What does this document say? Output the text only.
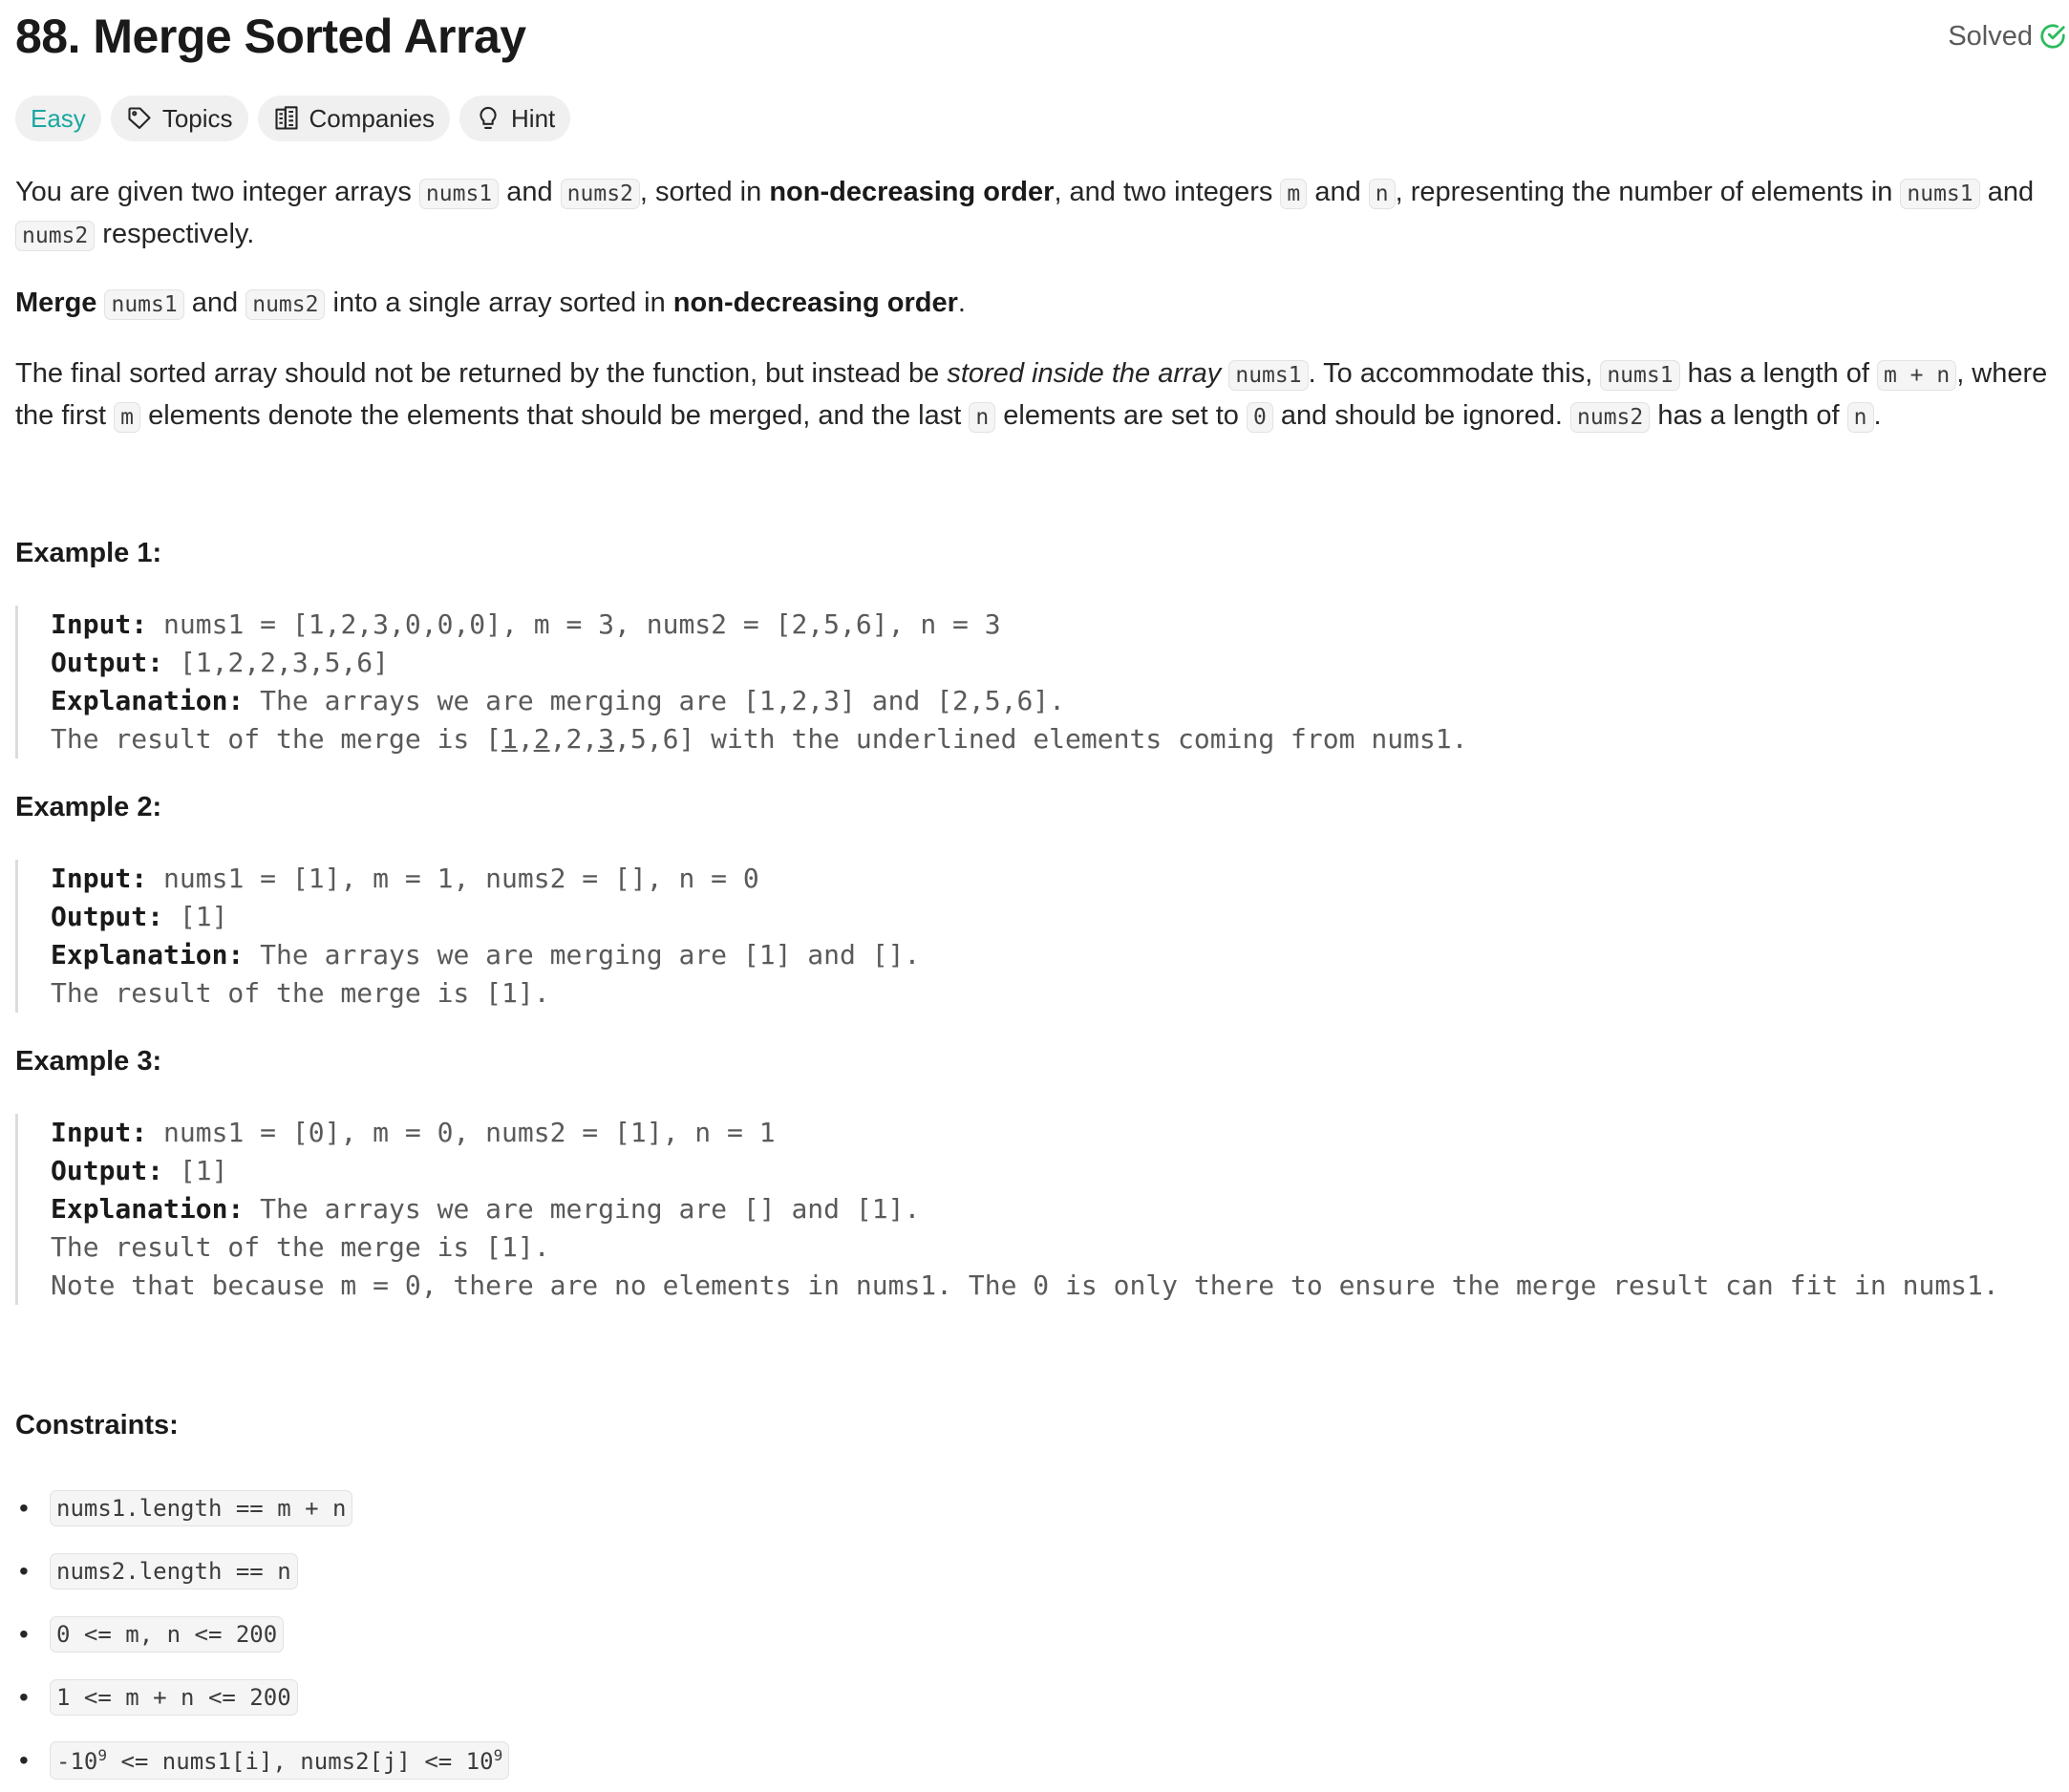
88. Merge Sorted Array	Solved
Easy	Topics	Companies	Hint
You are given two integer arrays nums1 and nums2 , sorted in non-decreasing order, and two integers m and n , representing the number of elements in nums1 and
nums2 respectively.
Merge nums1 and nums2 into a single array sorted in non-decreasing order.
The final sorted array should not be returned by the function, but instead be stored inside the array nums1 . To accommodate this, nums1 has a length of m + n , where the first m elements denote the elements that should be merged, and the last n elements are set to 0 and should be ignored. nums2 has a length of n .
Example 1:
Input: nums1 = [1,2,3,0,0,0], m = 3, nums2 = [2,5,6], n = 3
Output: [1,2,2,3,5,6]
Explanation: The arrays we are merging are [1,2,3] and [2,5,6].
The result of the merge is [1,2,2,3,5,6] with the underlined elements coming from nums1.
Example 2:
Input: nums1 = [1], m = 1, nums2 = [], n = 0
Output: [1]
Explanation: The arrays we are merging are [1] and [].
The result of the merge is [1].
Example 3:
Input: nums1 = [0], m = 0, nums2 = [1], n = 1
Output: [1]
Explanation: The arrays we are merging are [] and [1].
The result of the merge is [1].
Note that because m = 0, there are no elements in nums1. The 0 is only there to ensure the merge result can fit in nums1.
Constraints:
• nums1.length == m + n
• nums2.length == n
• 0 <= m, n <= 200
• 1 <= m + n <= 200
• $-10^9$ <= nums1[i], nums2[j] <= $10^9$
